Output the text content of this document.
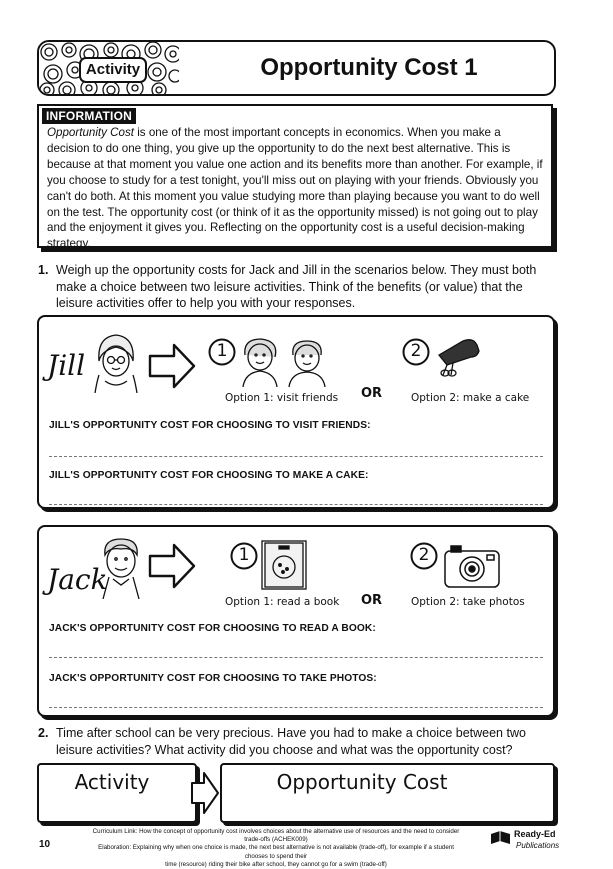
Activity	Opportunity Cost 1
INFORMATION
Opportunity Cost is one of the most important concepts in economics. When you make a decision to do one thing, you give up the opportunity to do the next best alternative. This is because at that moment you value one action and its benefits more than another. For example, if you choose to study for a test tonight, you'll miss out on playing with your friends. Obviously you can't do both. At this moment you value studying more than playing because you want to do well on the test. The opportunity cost (or think of it as the opportunity missed) is not going out to play and the enjoyment it gives you. Reflecting on the opportunity cost is a useful decision-making strategy.
1. Weigh up the opportunity costs for Jack and Jill in the scenarios below. They must both make a choice between two leisure activities. Think of the benefits (or value) that the leisure activities offer to help you with your responses.
Jill	1
Option 1: visit friends OR
2
Option 2: make a cake
JILL'S OPPORTUNITY COST FOR CHOOSING TO VISIT FRIENDS:
JILL'S OPPORTUNITY COST FOR CHOOSING TO MAKE A CAKE:
Jack
1
Option 1: read a book OR
2
Option 2: take photos
JACK'S OPPORTUNITY COST FOR CHOOSING TO READ A BOOK:
JACK'S OPPORTUNITY COST FOR CHOOSING TO TAKE PHOTOS:
2. Time after school can be very precious. Have you had to make a choice between two leisure activities? What activity did you choose and what was the opportunity cost?
Activity	Opportunity Cost
10
Curriculum Link: How the concept of opportunity cost involves choices about the alternative use of resources and the need to consider trade-offs (ACHEK009)
Elaboration: Explaining why when one choice is made, the next best alternative is not available (trade-off), for example if a student chooses to spend their
time (resource) riding their bike after school, they cannot go for a swim (trade-off)
Ready-Ed
Publications
